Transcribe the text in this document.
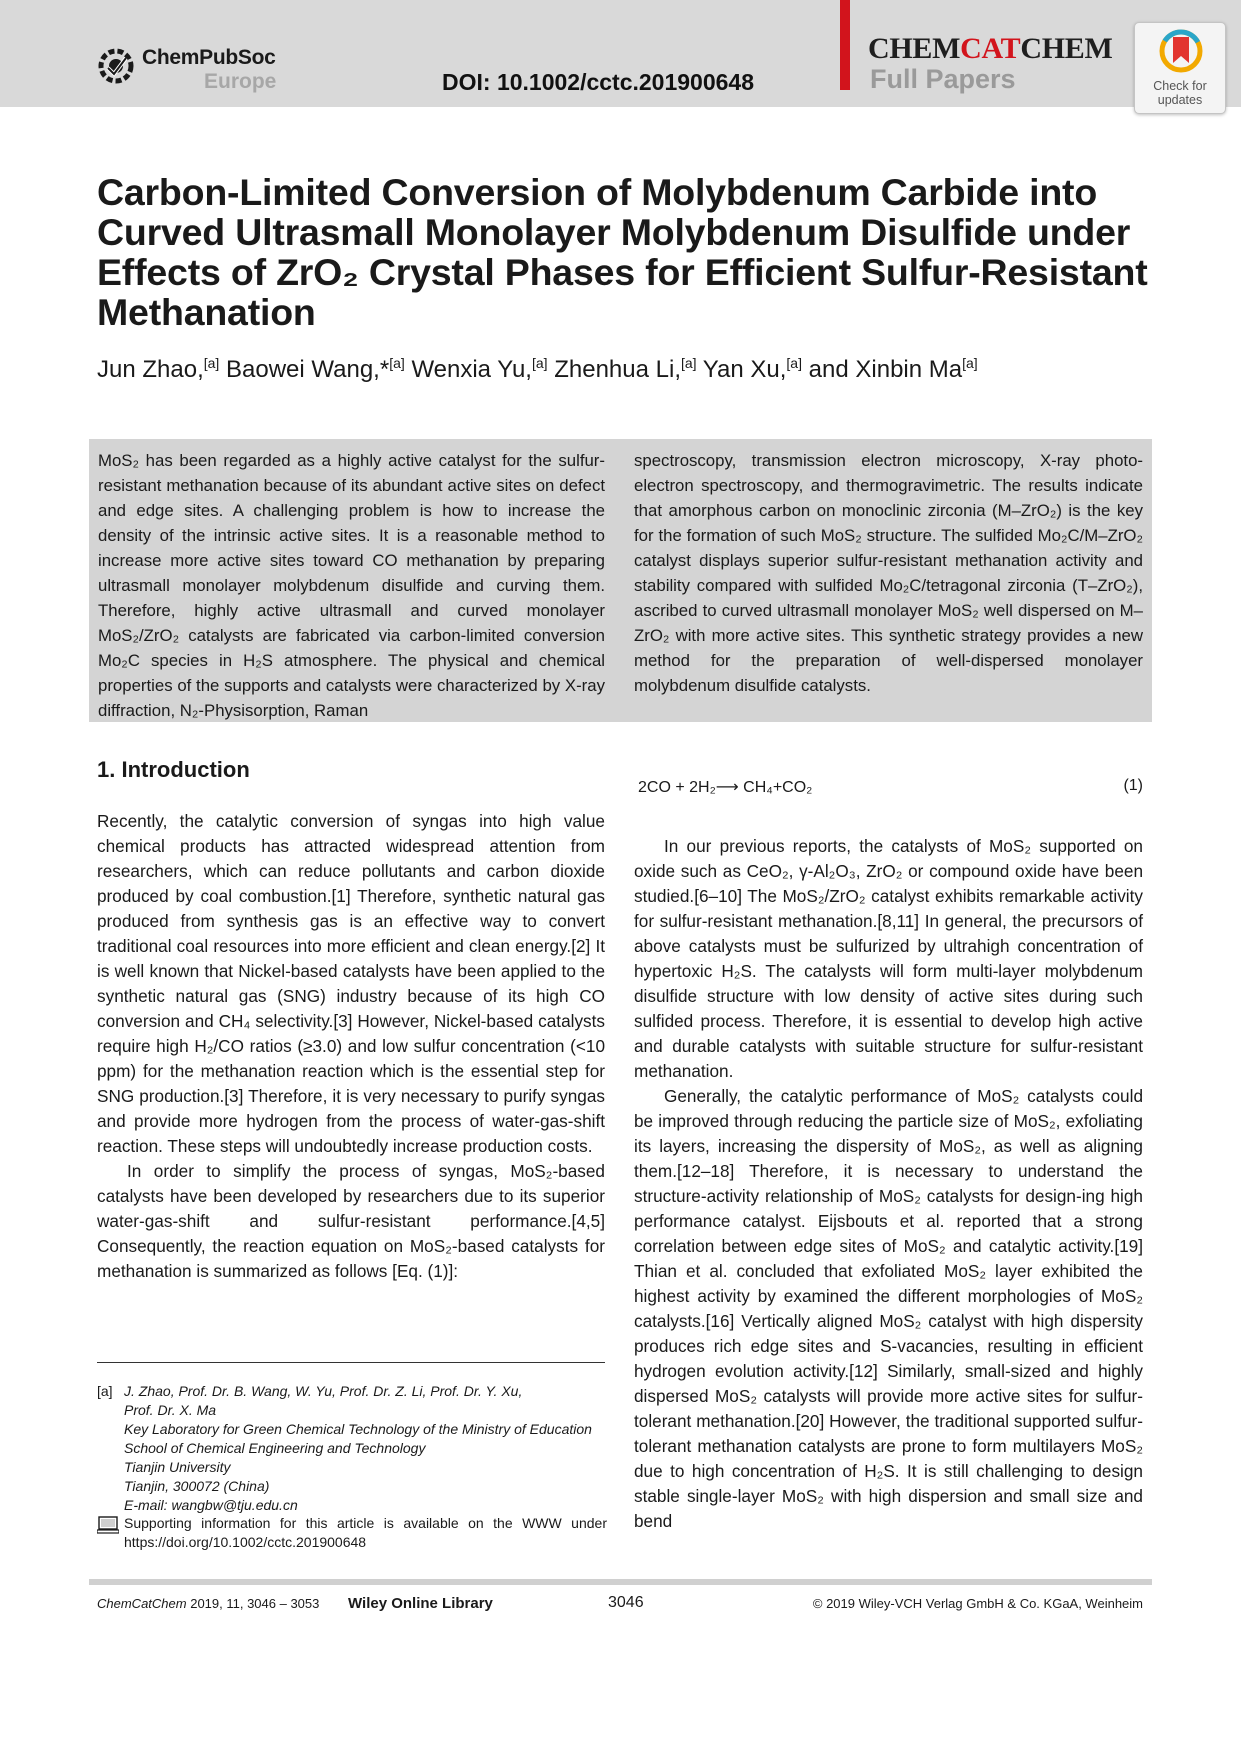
ChemPubSoc
Europe	DOI: 10.1002/cctc.201900648
CHEMCATCHEM
Full Papers	Check for
updates
Carbon-Limited Conversion of Molybdenum Carbide into Curved Ultrasmall Monolayer Molybdenum Disulfide under Effects of ZrO₂ Crystal Phases for Efficient Sulfur-Resistant Methanation
Jun Zhao,[a] Baowei Wang,*[a] Wenxia Yu,[a] Zhenhua Li,[a] Yan Xu,[a] and Xinbin Ma[a]
MoS₂ has been regarded as a highly active catalyst for the sulfur-resistant methanation because of its abundant active sites on defect and edge sites. A challenging problem is how to increase the density of the intrinsic active sites. It is a reasonable method to increase more active sites toward CO methanation by preparing ultrasmall monolayer molybdenum disulfide and curving them. Therefore, highly active ultrasmall and curved monolayer MoS₂/ZrO₂ catalysts are fabricated via carbon-limited conversion Mo₂C species in H₂S atmosphere. The physical and chemical properties of the supports and catalysts were characterized by X-ray diffraction, N₂-Physisorption, Raman
spectroscopy, transmission electron microscopy, X-ray photo-electron spectroscopy, and thermogravimetric. The results indicate that amorphous carbon on monoclinic zirconia (M–ZrO₂) is the key for the formation of such MoS₂ structure. The sulfided Mo₂C/M–ZrO₂ catalyst displays superior sulfur-resistant methanation activity and stability compared with sulfided Mo₂C/tetragonal zirconia (T–ZrO₂), ascribed to curved ultrasmall monolayer MoS₂ well dispersed on M–ZrO₂ with more active sites. This synthetic strategy provides a new method for the preparation of well-dispersed monolayer molybdenum disulfide catalysts.
1. Introduction

Recently, the catalytic conversion of syngas into high value chemical products has attracted widespread attention from researchers, which can reduce pollutants and carbon dioxide produced by coal combustion.[1] Therefore, synthetic natural gas produced from synthesis gas is an effective way to convert traditional coal resources into more efficient and clean energy.[2] It is well known that Nickel-based catalysts have been applied to the synthetic natural gas (SNG) industry because of its high CO conversion and CH₄ selectivity.[3] However, Nickel-based catalysts require high H₂/CO ratios (≥3.0) and low sulfur concentration (<10 ppm) for the methanation reaction which is the essential step for SNG production.[3] Therefore, it is very necessary to purify syngas and provide more hydrogen from the process of water-gas-shift reaction. These steps will undoubtedly increase production costs.

In order to simplify the process of syngas, MoS₂-based catalysts have been developed by researchers due to its superior water-gas-shift and sulfur-resistant performance.[4,5] Consequently, the reaction equation on MoS₂-based catalysts for methanation is summarized as follows [Eq. (1)]:

2CO + 2H₂⟶ CH₄+CO₂	(1)

In our previous reports, the catalysts of MoS₂ supported on oxide such as CeO₂, γ-Al₂O₃, ZrO₂ or compound oxide have been studied.[6–10] The MoS₂/ZrO₂ catalyst exhibits remarkable activity for sulfur-resistant methanation.[8,11] In general, the precursors of above catalysts must be sulfurized by ultrahigh concentration of hypertoxic H₂S. The catalysts will form multi-layer molybdenum disulfide structure with low density of active sites during such sulfided process. Therefore, it is essential to develop high active and durable catalysts with suitable structure for sulfur-resistant methanation.

Generally, the catalytic performance of MoS₂ catalysts could be improved through reducing the particle size of MoS₂, exfoliating its layers, increasing the dispersity of MoS₂, as well as aligning them.[12–18] Therefore, it is necessary to understand the structure-activity relationship of MoS₂ catalysts for design-ing high performance catalyst. Eijsbouts et al. reported that a strong correlation between edge sites of MoS₂ and catalytic activity.[19] Thian et al. concluded that exfoliated MoS₂ layer exhibited the highest activity by examined the different morphologies of MoS₂ catalysts.[16] Vertically aligned MoS₂ catalyst with high dispersity produces rich edge sites and S-vacancies, resulting in efficient hydrogen evolution activity.[12] Similarly, small-sized and highly dispersed MoS₂ catalysts will provide more active sites for sulfur-tolerant methanation.[20] However, the traditional supported sulfur-tolerant methanation catalysts are prone to form multilayers MoS₂ due to high concentration of H₂S. It is still challenging to design stable single-layer MoS₂ with high dispersion and small size and bend

[a] J. Zhao, Prof. Dr. B. Wang, W. Yu, Prof. Dr. Z. Li, Prof. Dr. Y. Xu,
Prof. Dr. X. Ma
Key Laboratory for Green Chemical Technology of the Ministry of Education
School of Chemical Engineering and Technology
Tianjin University
Tianjin, 300072 (China)
E-mail: wangbw@tju.edu.cn
Supporting information for this article is available on the WWW under https://doi.org/10.1002/cctc.201900648
ChemCatChem 2019, 11, 3046 – 3053 Wiley Online Library	3046	© 2019 Wiley-VCH Verlag GmbH & Co. KGaA, Weinheim
